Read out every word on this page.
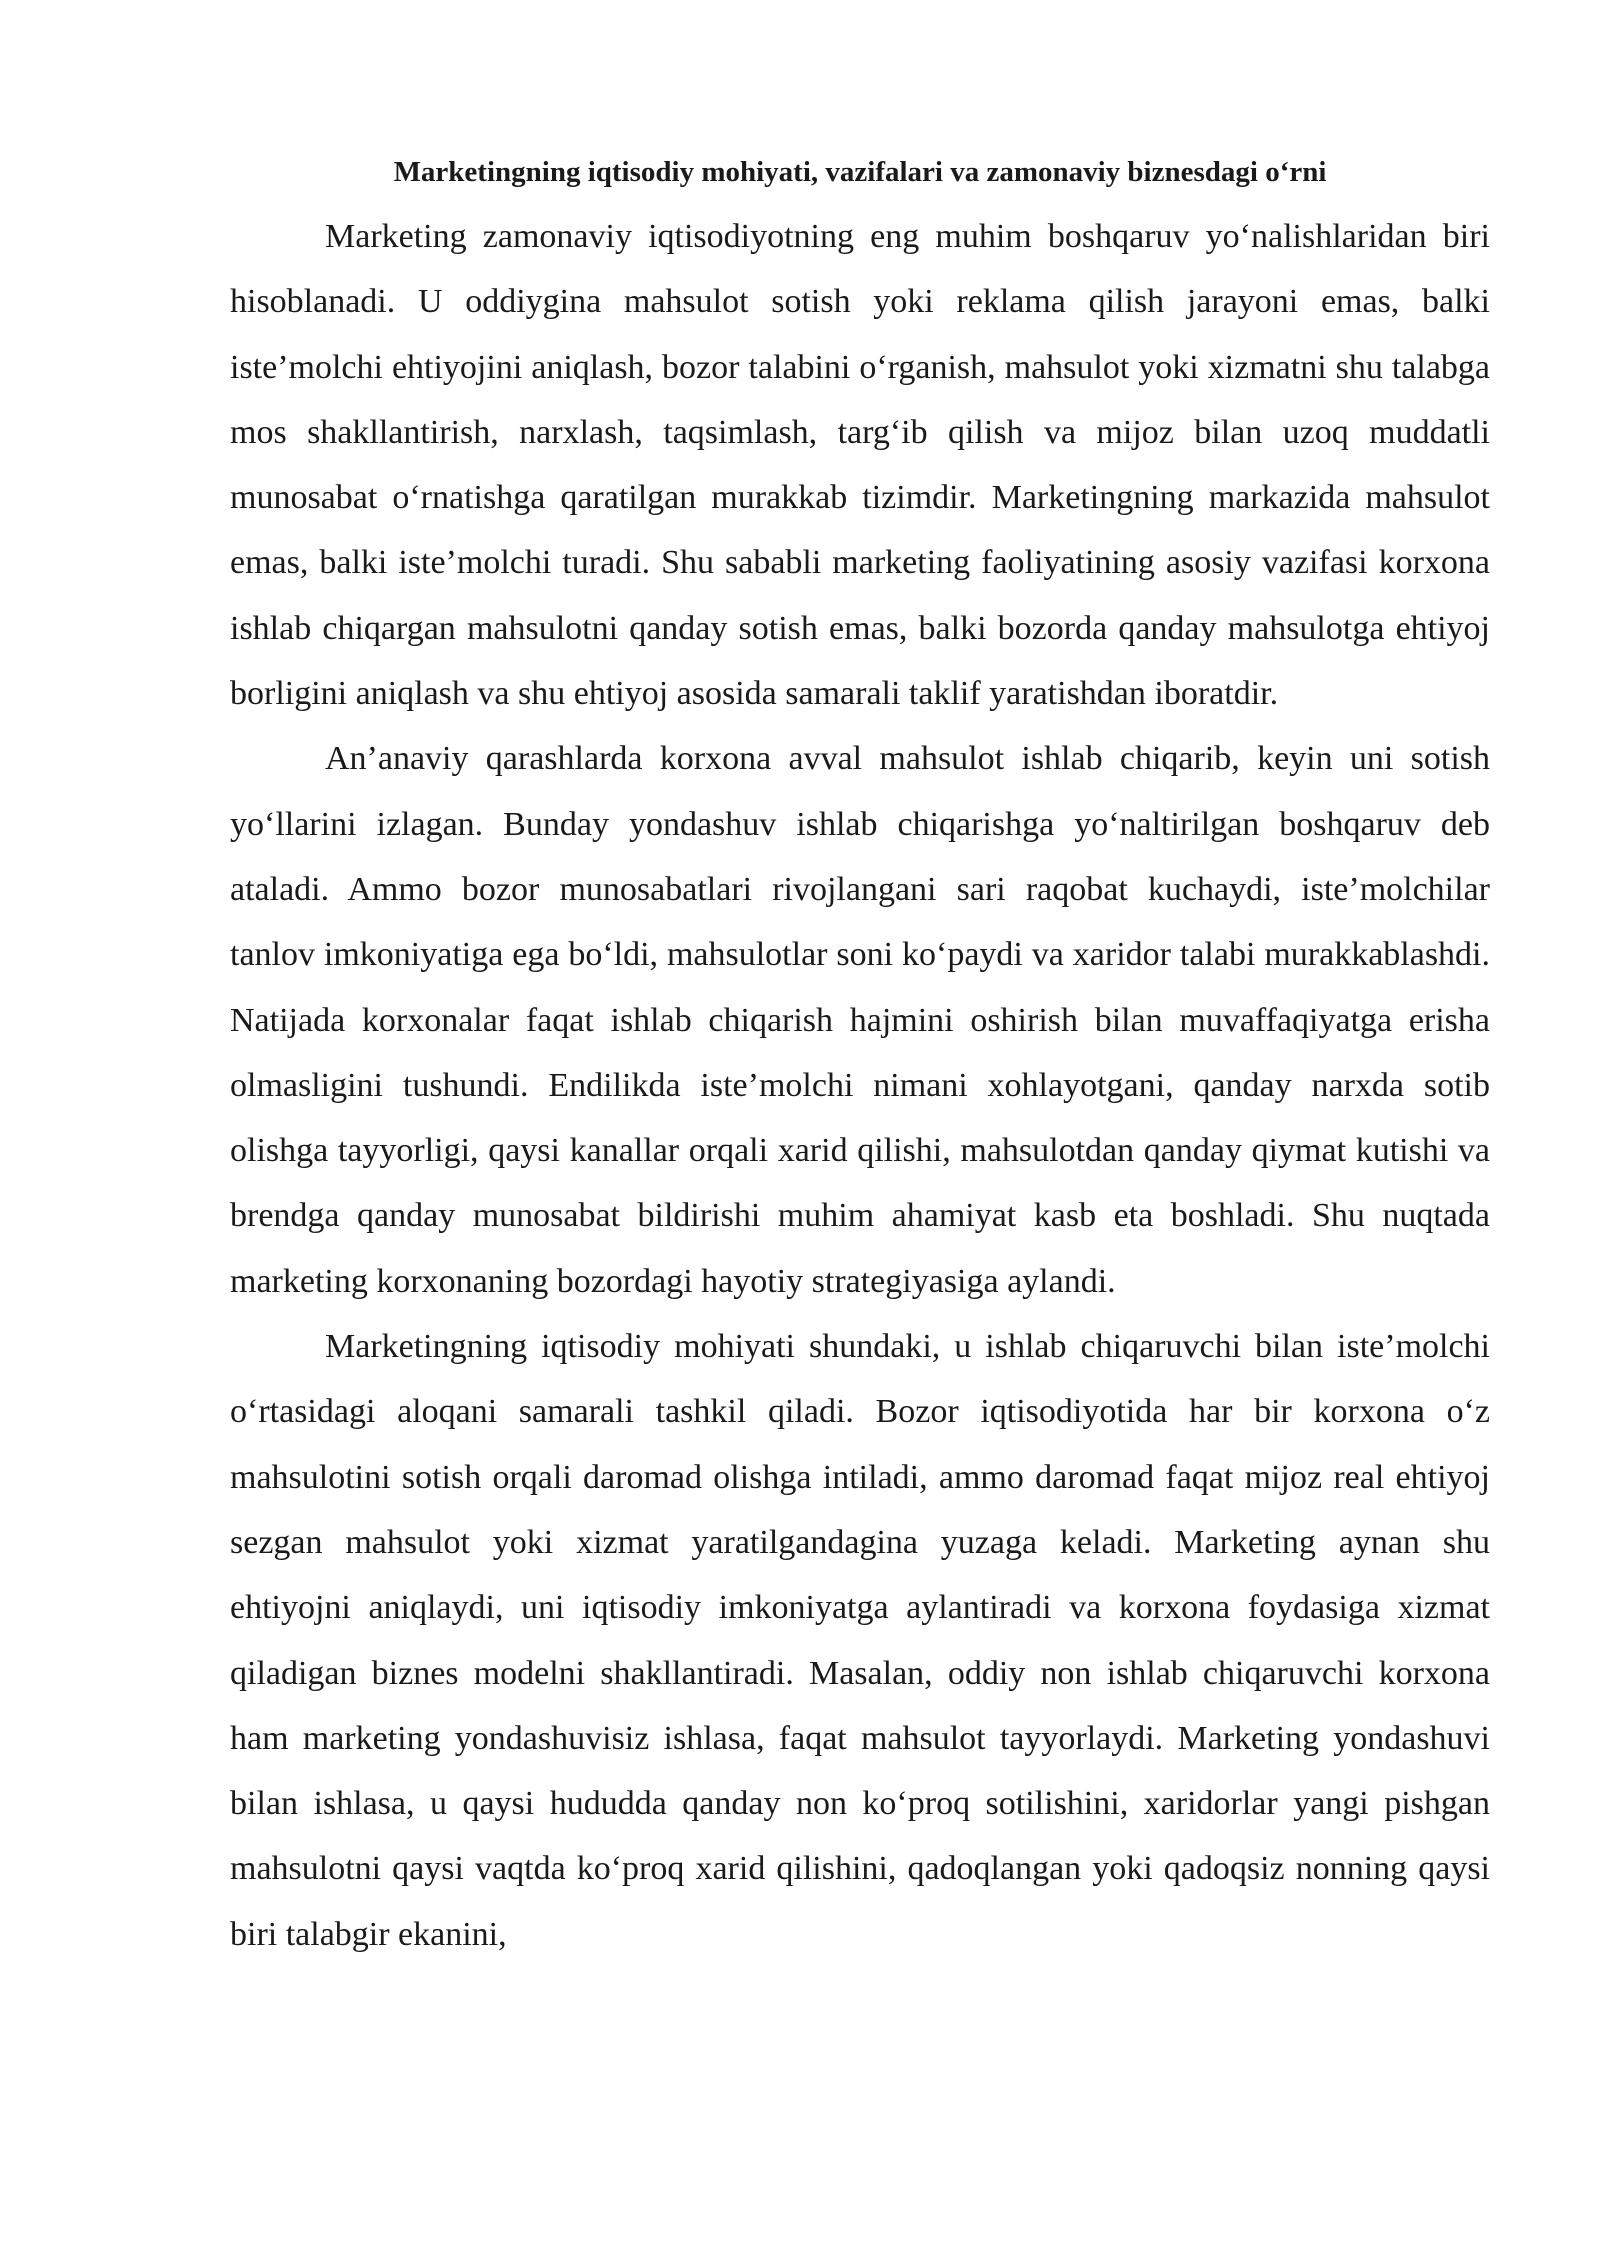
Marketingning iqtisodiy mohiyati, vazifalari va zamonaviy biznesdagi o‘rni

Marketing zamonaviy iqtisodiyotning eng muhim boshqaruv yo‘nalishlaridan biri hisoblanadi. U oddiygina mahsulot sotish yoki reklama qilish jarayoni emas, balki iste’molchi ehtiyojini aniqlash, bozor talabini o‘rganish, mahsulot yoki xizmatni shu talabga mos shakllantirish, narxlash, taqsimlash, targ‘ib qilish va mijoz bilan uzoq muddatli munosabat o‘rnatishga qaratilgan murakkab tizimdir. Marketingning markazida mahsulot emas, balki iste’molchi turadi. Shu sababli marketing faoliyatining asosiy vazifasi korxona ishlab chiqargan mahsulotni qanday sotish emas, balki bozorda qanday mahsulotga ehtiyoj borligini aniqlash va shu ehtiyoj asosida samarali taklif yaratishdan iboratdir.

An’anaviy qarashlarda korxona avval mahsulot ishlab chiqarib, keyin uni sotish yo‘llarini izlagan. Bunday yondashuv ishlab chiqarishga yo‘naltirilgan boshqaruv deb ataladi. Ammo bozor munosabatlari rivojlangani sari raqobat kuchaydi, iste’molchilar tanlov imkoniyatiga ega bo‘ldi, mahsulotlar soni ko‘paydi va xaridor talabi murakkablashdi. Natijada korxonalar faqat ishlab chiqarish hajmini oshirish bilan muvaffaqiyatga erisha olmasligini tushundi. Endilikda iste’molchi nimani xohlayotgani, qanday narxda sotib olishga tayyorligi, qaysi kanallar orqali xarid qilishi, mahsulotdan qanday qiymat kutishi va brendga qanday munosabat bildirishi muhim ahamiyat kasb eta boshladi. Shu nuqtada marketing korxonaning bozordagi hayotiy strategiyasiga aylandi.

Marketingning iqtisodiy mohiyati shundaki, u ishlab chiqaruvchi bilan iste’molchi o‘rtasidagi aloqani samarali tashkil qiladi. Bozor iqtisodiyotida har bir korxona o‘z mahsulotini sotish orqali daromad olishga intiladi, ammo daromad faqat mijoz real ehtiyoj sezgan mahsulot yoki xizmat yaratilgandagina yuzaga keladi. Marketing aynan shu ehtiyojni aniqlaydi, uni iqtisodiy imkoniyatga aylantiradi va korxona foydasiga xizmat qiladigan biznes modelni shakllantiradi. Masalan, oddiy non ishlab chiqaruvchi korxona ham marketing yondashuvisiz ishlasa, faqat mahsulot tayyorlaydi. Marketing yondashuvi bilan ishlasa, u qaysi hududda qanday non ko‘proq sotilishini, xaridorlar yangi pishgan mahsulotni qaysi vaqtda ko‘proq xarid qilishini, qadoqlangan yoki qadoqsiz nonning qaysi biri talabgir ekanini,
